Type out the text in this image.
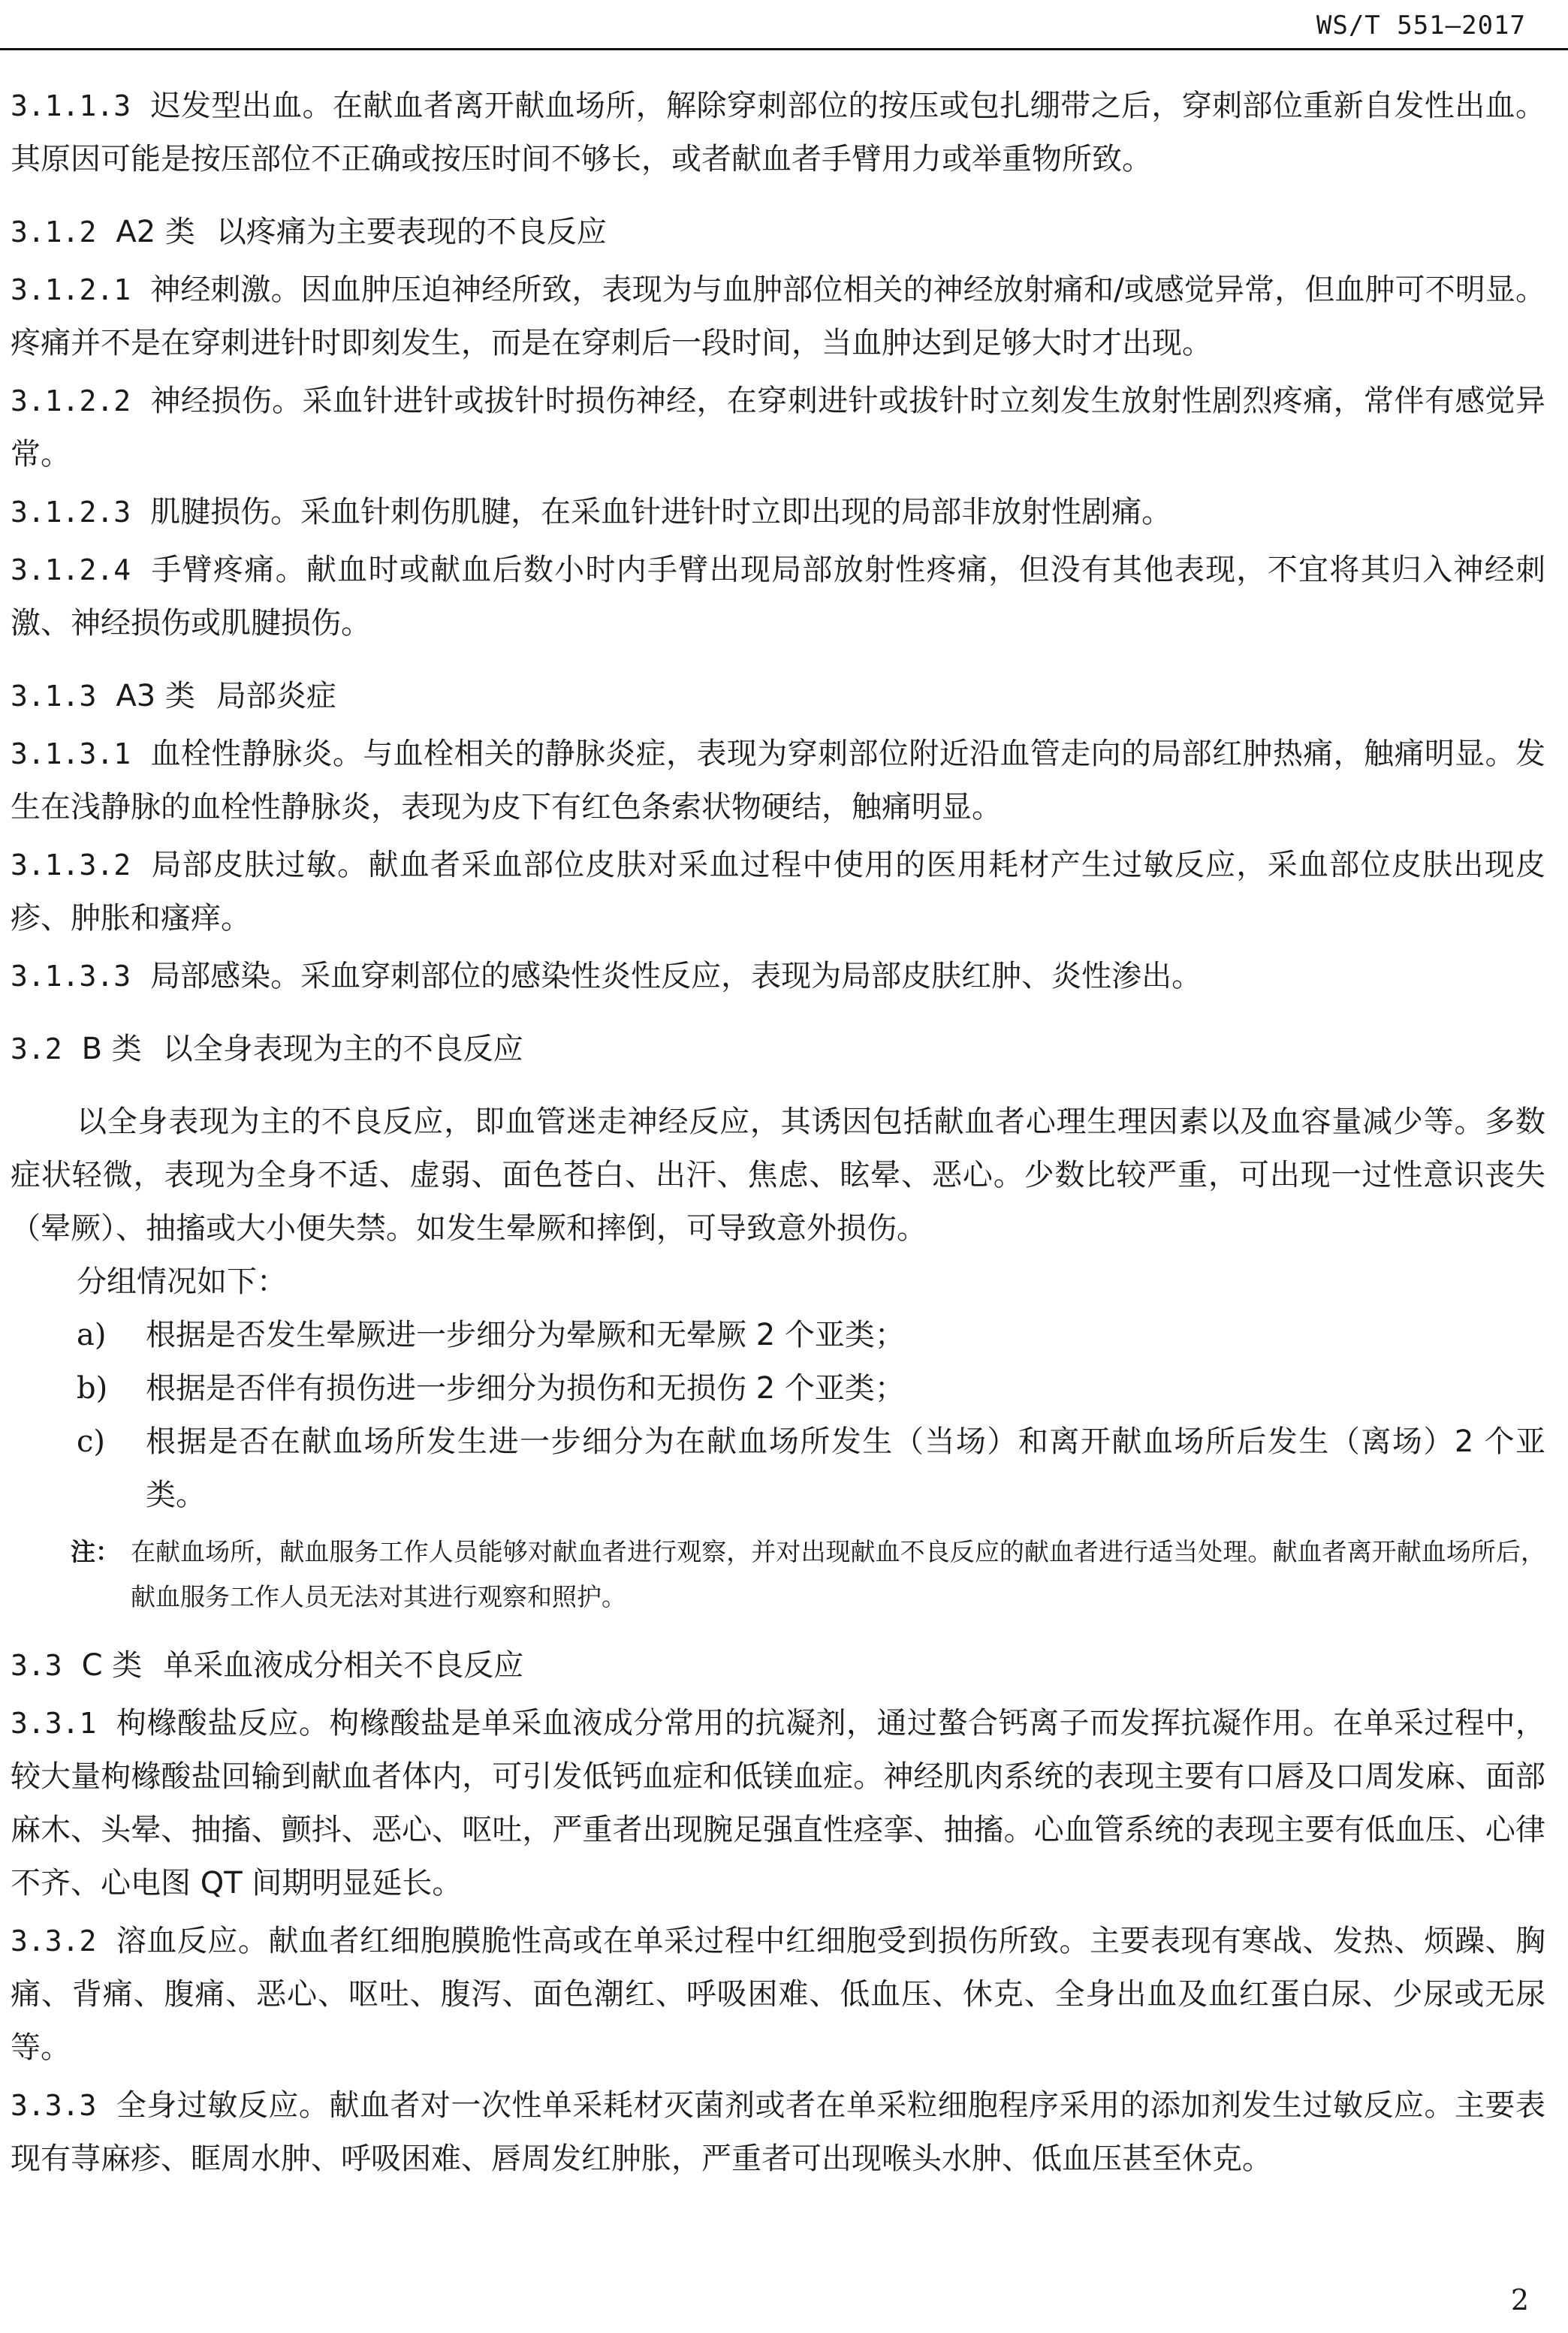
WS/T 551—2017

3.1.1.3 迟发型出血。在献血者离开献血场所，解除穿刺部位的按压或包扎绷带之后，穿刺部位重新自发性出血。其原因可能是按压部位不正确或按压时间不够长，或者献血者手臂用力或举重物所致。

3.1.2 A2 类 以疼痛为主要表现的不良反应

3.1.2.1 神经刺激。因血肿压迫神经所致，表现为与血肿部位相关的神经放射痛和/或感觉异常，但血肿可不明显。疼痛并不是在穿刺进针时即刻发生，而是在穿刺后一段时间，当血肿达到足够大时才出现。

3.1.2.2 神经损伤。采血针进针或拔针时损伤神经，在穿刺进针或拔针时立刻发生放射性剧烈疼痛，常伴有感觉异常。

3.1.2.3 肌腱损伤。采血针刺伤肌腱，在采血针进针时立即出现的局部非放射性剧痛。

3.1.2.4 手臂疼痛。献血时或献血后数小时内手臂出现局部放射性疼痛，但没有其他表现，不宜将其归入神经刺激、神经损伤或肌腱损伤。

3.1.3 A3 类 局部炎症

3.1.3.1 血栓性静脉炎。与血栓相关的静脉炎症，表现为穿刺部位附近沿血管走向的局部红肿热痛，触痛明显。发生在浅静脉的血栓性静脉炎，表现为皮下有红色条索状物硬结，触痛明显。

3.1.3.2 局部皮肤过敏。献血者采血部位皮肤对采血过程中使用的医用耗材产生过敏反应，采血部位皮肤出现皮疹、肿胀和瘙痒。

3.1.3.3 局部感染。采血穿刺部位的感染性炎性反应，表现为局部皮肤红肿、炎性渗出。

3.2 B 类 以全身表现为主的不良反应

以全身表现为主的不良反应，即血管迷走神经反应，其诱因包括献血者心理生理因素以及血容量减少等。多数症状轻微，表现为全身不适、虚弱、面色苍白、出汗、焦虑、眩晕、恶心。少数比较严重，可出现一过性意识丧失（晕厥）、抽搐或大小便失禁。如发生晕厥和摔倒，可导致意外损伤。

分组情况如下：

a) 根据是否发生晕厥进一步细分为晕厥和无晕厥 2 个亚类；
b) 根据是否伴有损伤进一步细分为损伤和无损伤 2 个亚类；
c) 根据是否在献血场所发生进一步细分为在献血场所发生（当场）和离开献血场所后发生（离场）2 个亚类。
注： 在献血场所，献血服务工作人员能够对献血者进行观察，并对出现献血不良反应的献血者进行适当处理。献血者离开献血场所后，献血服务工作人员无法对其进行观察和照护。
3.3 C 类 单采血液成分相关不良反应

3.3.1 枸橼酸盐反应。枸橼酸盐是单采血液成分常用的抗凝剂，通过螯合钙离子而发挥抗凝作用。在单采过程中，较大量枸橼酸盐回输到献血者体内，可引发低钙血症和低镁血症。神经肌肉系统的表现主要有口唇及口周发麻、面部麻木、头晕、抽搐、颤抖、恶心、呕吐，严重者出现腕足强直性痉挛、抽搐。心血管系统的表现主要有低血压、心律不齐、心电图 QT 间期明显延长。

3.3.2 溶血反应。献血者红细胞膜脆性高或在单采过程中红细胞受到损伤所致。主要表现有寒战、发热、烦躁、胸痛、背痛、腹痛、恶心、呕吐、腹泻、面色潮红、呼吸困难、低血压、休克、全身出血及血红蛋白尿、少尿或无尿等。

3.3.3 全身过敏反应。献血者对一次性单采耗材灭菌剂或者在单采粒细胞程序采用的添加剂发生过敏反应。主要表现有荨麻疹、眶周水肿、呼吸困难、唇周发红肿胀，严重者可出现喉头水肿、低血压甚至休克。

2
